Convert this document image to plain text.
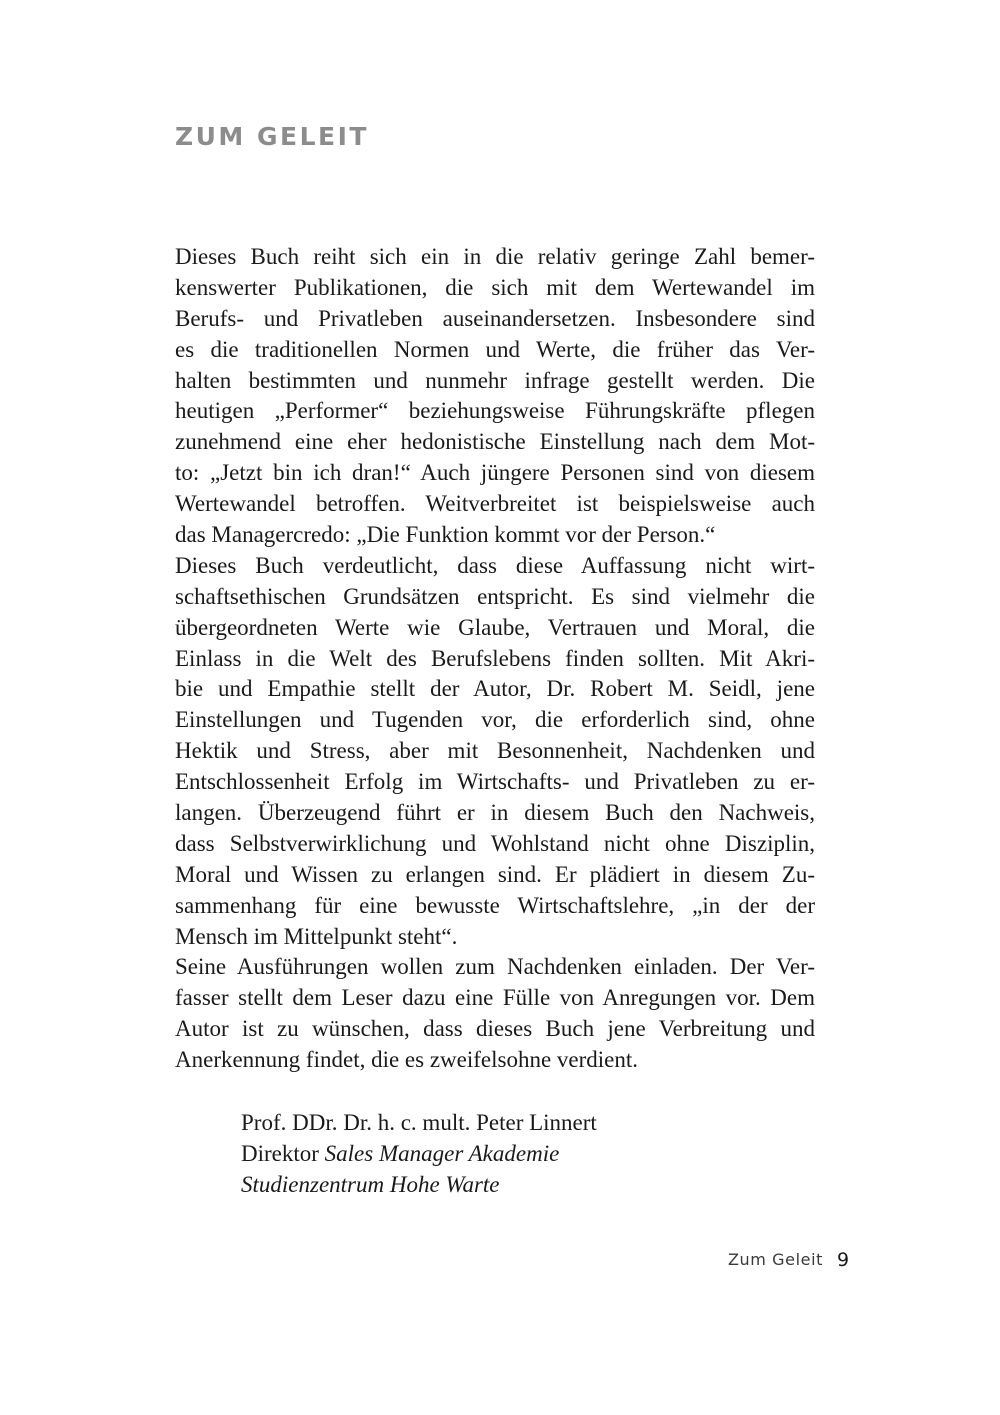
ZUM GELEIT
Dieses Buch reiht sich ein in die relativ geringe Zahl bemer-
kenswerter Publikationen, die sich mit dem Wertewandel im
Berufs- und Privatleben auseinandersetzen. Insbesondere sind
es die traditionellen Normen und Werte, die früher das Ver-
halten bestimmten und nunmehr infrage gestellt werden. Die
heutigen „Performer“ beziehungsweise Führungskräfte pflegen
zunehmend eine eher hedonistische Einstellung nach dem Mot-
to: „Jetzt bin ich dran!“ Auch jüngere Personen sind von diesem
Wertewandel betroffen. Weitverbreitet ist beispielsweise auch
das Managercredo: „Die Funktion kommt vor der Person.“
Dieses Buch verdeutlicht, dass diese Auffassung nicht wirt-
schaftsethischen Grundsätzen entspricht. Es sind vielmehr die
übergeordneten Werte wie Glaube, Vertrauen und Moral, die
Einlass in die Welt des Berufslebens finden sollten. Mit Akri-
bie und Empathie stellt der Autor, Dr. Robert M. Seidl, jene
Einstellungen und Tugenden vor, die erforderlich sind, ohne
Hektik und Stress, aber mit Besonnenheit, Nachdenken und
Entschlossenheit Erfolg im Wirtschafts- und Privatleben zu er-
langen. Überzeugend führt er in diesem Buch den Nachweis,
dass Selbstverwirklichung und Wohlstand nicht ohne Disziplin,
Moral und Wissen zu erlangen sind. Er plädiert in diesem Zu-
sammenhang für eine bewusste Wirtschaftslehre, „in der der
Mensch im Mittelpunkt steht“.
Seine Ausführungen wollen zum Nachdenken einladen. Der Ver-
fasser stellt dem Leser dazu eine Fülle von Anregungen vor. Dem
Autor ist zu wünschen, dass dieses Buch jene Verbreitung und
Anerkennung findet, die es zweifelsohne verdient.
Prof. DDr. Dr. h. c. mult. Peter Linnert
Direktor Sales Manager Akademie
Studienzentrum Hohe Warte
Zum Geleit 9
